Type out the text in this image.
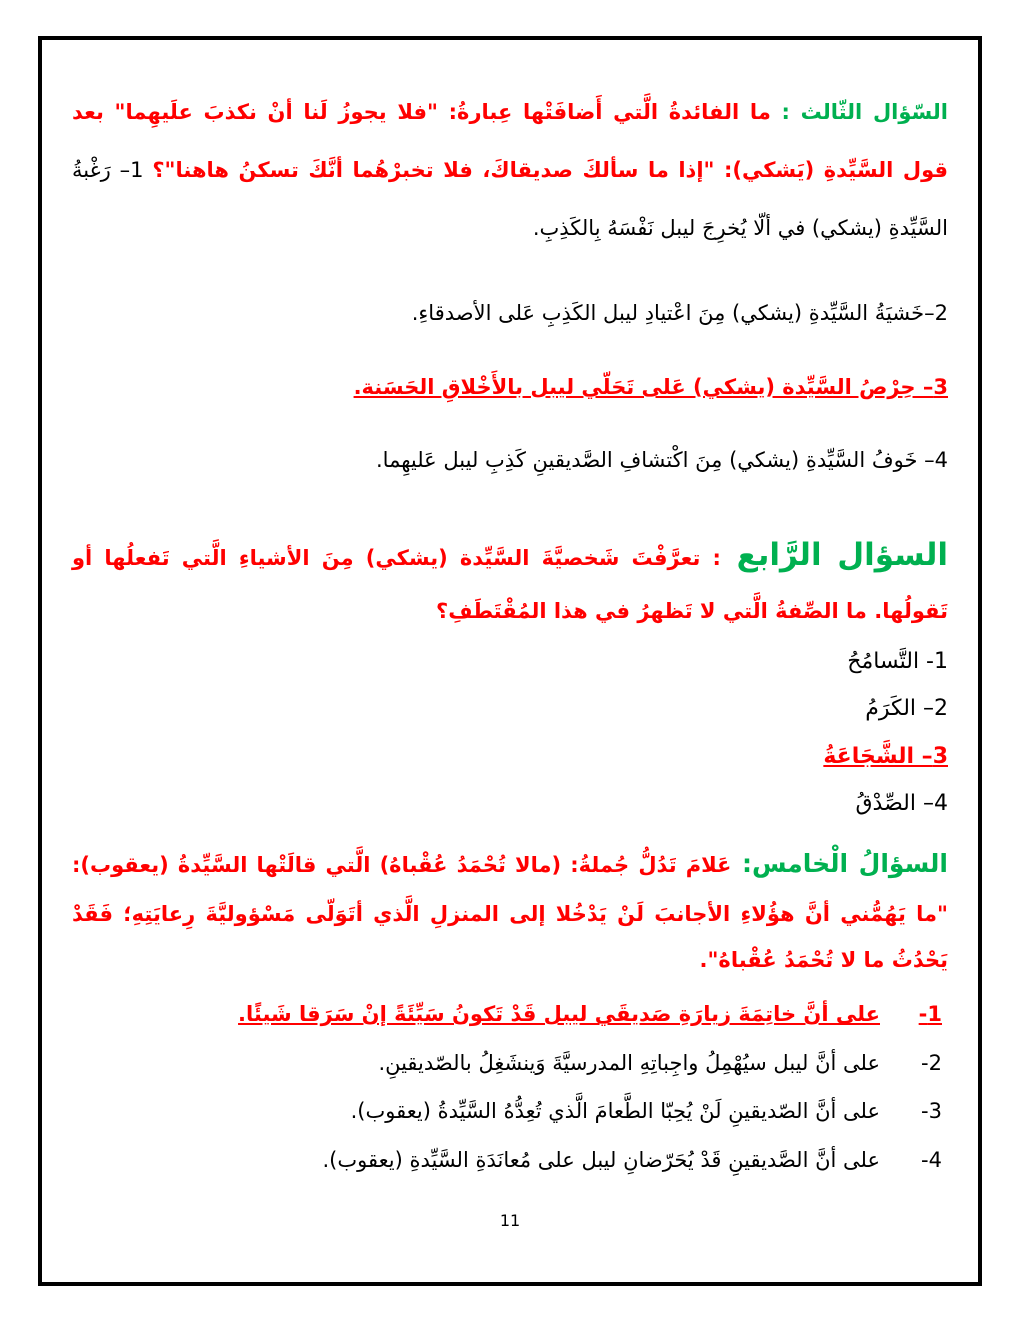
السّؤال الثّالث : ما الفائدةُ الَّتي أَضافَتْها عِبارةُ: "فلا يجوزُ لَنا أنْ نكذبَ علَيهِما" بعد قول السَّيِّدةِ (يَشكي): "إذا ما سألكَ صديقاكَ، فلا تخبرْهُما أنَّكَ تسكنُ هاهنا"؟ 1– رَغْبةُ السَّيِّدةِ (يشكي) في ألّا يُخرِجَ ليبل نَفْسَهُ بِالكَذِبِ.

2–خَشيَةُ السَّيِّدةِ (يشكي) مِنَ اعْتيادِ ليبل الكَذِبِ عَلى الأصدقاءِ.

3– حِرْصُ السَّيِّدة (يشكي) عَلى تَحَلّي ليبل بالأَخْلاقِ الحَسَنة.

4– خَوفُ السَّيِّدةِ (يشكي) مِنَ اكْتشافِ الصَّديقينِ كَذِبِ ليبل عَليهِما.

السؤال الرَّابع : تعرَّفْتَ شَخصيَّةَ السَّيِّدة (يشكي) مِنَ الأشياءِ الَّتي تَفعلُها أو تَقولُها. ما الصِّفةُ الَّتي لا تَظهرُ في هذا المُقْتَطَفِ؟

1- التَّسامُحُ

2– الكَرَمُ

3– الشَّجَاعَةُ

4– الصِّدْقُ

السؤالُ الْخامس: عَلامَ تَدُلُّ جُملةُ: (مالا تُحْمَدُ عُقْباهُ) الَّتي قالَتْها السَّيِّدةُ (يعقوب): "ما يَهُمُّني أنَّ هؤُلاءِ الأجانبَ لَنْ يَدْخُلا إلى المنزلِ الَّذي أتَوَلّى مَسْؤوليَّةَ رِعايَتِهِ؛ فَقَدْ يَحْدُثُ ما لا تُحْمَدُ عُقْباهُ".

1-
على أنَّ خاتِمَةَ زيارَةِ صَديقَي ليبل قَدْ تَكونُ سَيِّئَةً إنْ سَرَقا شَيئًا.
2-
على أنَّ ليبل سيُهْمِلُ واجِباتِهِ المدرسيَّةَ وَينشَغِلُ بالصّديقينِ.
3-
على أنَّ الصّديقينِ لَنْ يُحِبّا الطَّعامَ الَّذي تُعِدُّهُ السَّيِّدةُ (يعقوب).
4-
على أنَّ الصَّديقينِ قَدْ يُحَرّضانِ ليبل على مُعانَدَةِ السَّيِّدةِ (يعقوب).
11
